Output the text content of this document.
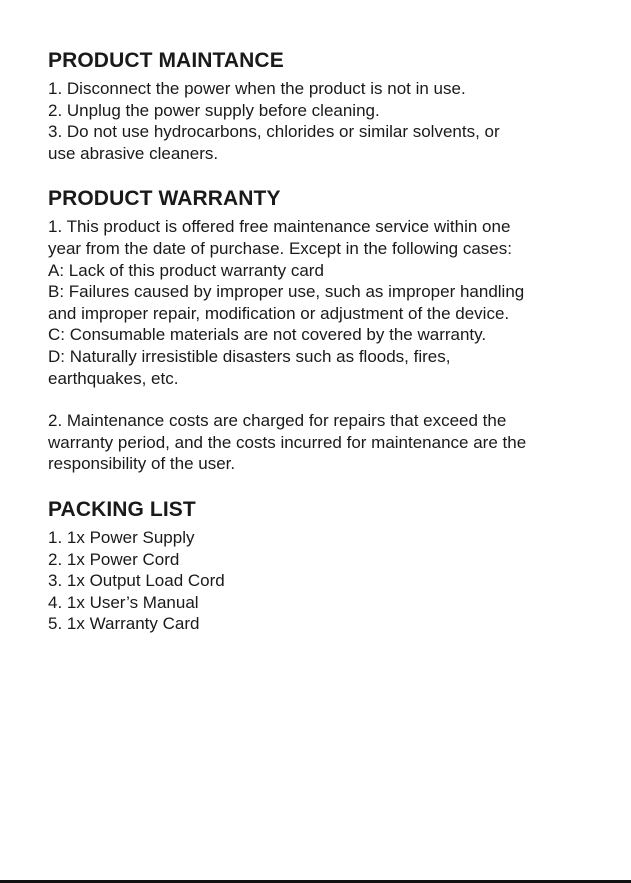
PRODUCT MAINTANCE

1. Disconnect the power when the product is not in use.

2. Unplug the power supply before cleaning.

3. Do not use hydrocarbons, chlorides or similar solvents, or
use abrasive cleaners.

PRODUCT WARRANTY

1. This product is offered free maintenance service within one
year from the date of purchase. Except in the following cases:

A: Lack of this product warranty card

B: Failures caused by improper use, such as improper handling
and improper repair, modification or adjustment of the device.

C: Consumable materials are not covered by the warranty.

D: Naturally irresistible disasters such as floods, fires,
earthquakes, etc.

2. Maintenance costs are charged for repairs that exceed the
warranty period, and the costs incurred for maintenance are the
responsibility of the user.

PACKING LIST

1. 1x Power Supply

2. 1x Power Cord

3. 1x Output Load Cord

4. 1x User’s Manual

5. 1x Warranty Card
